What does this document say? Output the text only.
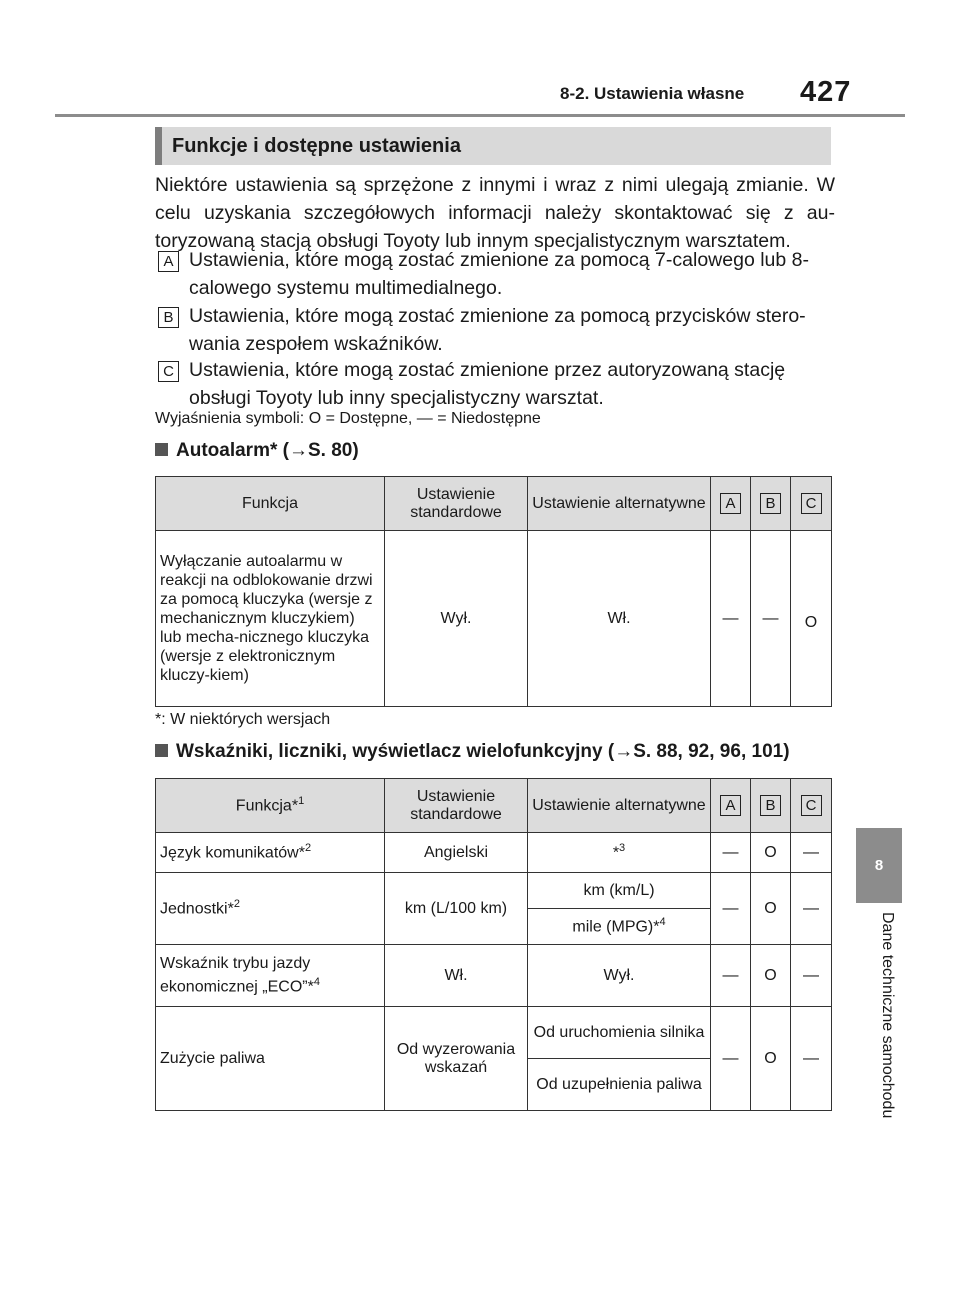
8-2. Ustawienia własne 427
8
Dane techniczne samochodu
Funkcje i dostępne ustawienia
Niektóre ustawienia są sprzężone z innymi i wraz z nimi ulegają zmianie. W celu uzyskania szczegółowych informacji należy skontaktować się z au-toryzowaną stacją obsługi Toyoty lub innym specjalistycznym warsztatem.
A Ustawienia, które mogą zostać zmienione za pomocą 7-calowego lub 8-calowego systemu multimedialnego.
B Ustawienia, które mogą zostać zmienione za pomocą przycisków stero-wania zespołem wskaźników.
C Ustawienia, które mogą zostać zmienione przez autoryzowaną stację obsługi Toyoty lub inny specjalistyczny warsztat.
Wyjaśnienia symboli: O = Dostępne, — = Niedostępne
Autoalarm* (→S. 80)
Funkcja	Ustawienie standardowe	Ustawienie alternatywne	A	B	C
Wyłączanie autoalarmu w reakcji na odblokowanie drzwi za pomocą kluczyka (wersje z mechanicznym kluczykiem) lub mecha-nicznego kluczyka (wersje z elektronicznym kluczy-kiem)	Wył.	Wł.	—	—	O
*: W niektórych wersjach
Wskaźniki, liczniki, wyświetlacz wielofunkcyjny (→S. 88, 92, 96, 101)
Funkcja*$^1$	Ustawienie standardowe	Ustawienie alternatywne	A	B	C
Język komunikatów*$^2$	Angielski	*$^3$	—	O	—
Jednostki*$^2$	km (L/100 km)	km (km/L)	—	O	—
		mile (MPG)*$^4$
Wskaźnik trybu jazdy
ekonomicznej „ECO”*$^4$	Wł.	Wył.	—	O	—
Zużycie paliwa	Od wyzerowania wskazań	Od uruchomienia silnika	—	O	—
		Od uzupełnienia paliwa			
